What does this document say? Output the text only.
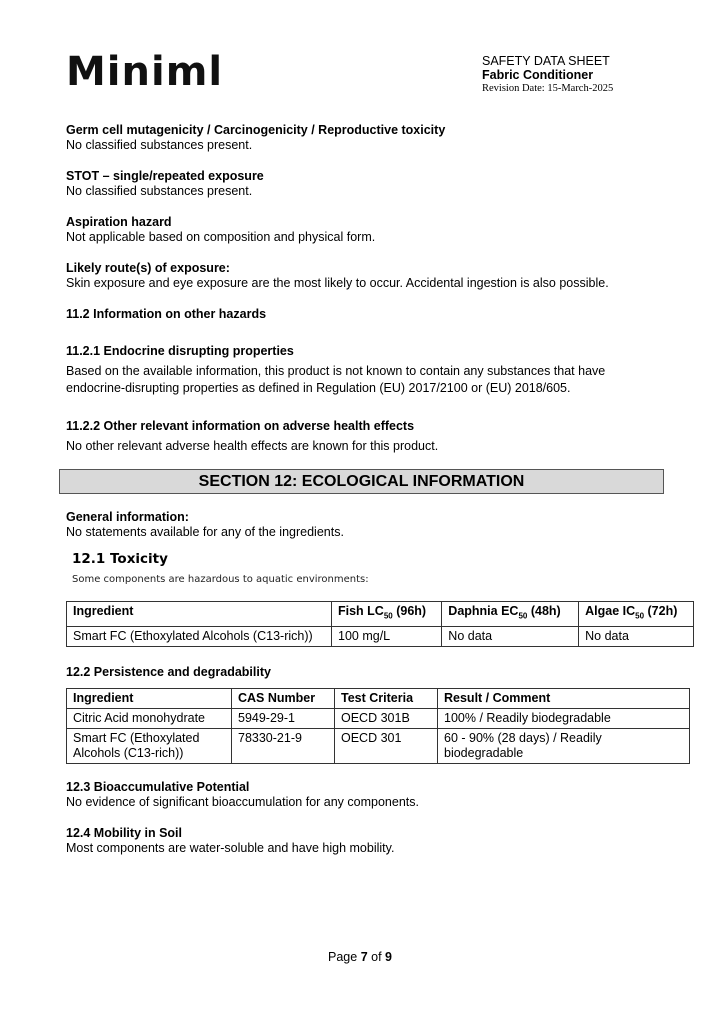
Miniml	SAFETY DATA SHEET
Fabric Conditioner
Revision Date: 15-March-2025
Germ cell mutagenicity / Carcinogenicity / Reproductive toxicity
No classified substances present.
STOT – single/repeated exposure
No classified substances present.
Aspiration hazard
Not applicable based on composition and physical form.
Likely route(s) of exposure:
Skin exposure and eye exposure are the most likely to occur. Accidental ingestion is also possible.
11.2 Information on other hazards
11.2.1 Endocrine disrupting properties
Based on the available information, this product is not known to contain any substances that have endocrine-disrupting properties as defined in Regulation (EU) 2017/2100 or (EU) 2018/605.
11.2.2 Other relevant information on adverse health effects
No other relevant adverse health effects are known for this product.
SECTION 12: ECOLOGICAL INFORMATION
General information:
No statements available for any of the ingredients.
12.1 Toxicity
Some components are hazardous to aquatic environments:
Ingredient	Fish $LC_{50}$ (96h)	Daphnia $EC_{50}$ (48h)	Algae $IC_{50}$ (72h)
Smart FC (Ethoxylated Alcohols (C13-rich))	100 mg/L	No data	No data
12.2 Persistence and degradability
Ingredient	CAS Number	Test Criteria	Result / Comment
Citric Acid monohydrate	5949-29-1	OECD 301B	100% / Readily biodegradable
Smart FC (Ethoxylated Alcohols (C13-rich))	78330-21-9	OECD 301	60 - 90% (28 days) / Readily biodegradable
12.3 Bioaccumulative Potential
No evidence of significant bioaccumulation for any components.
12.4 Mobility in Soil
Most components are water-soluble and have high mobility.
Page 7 of 9
